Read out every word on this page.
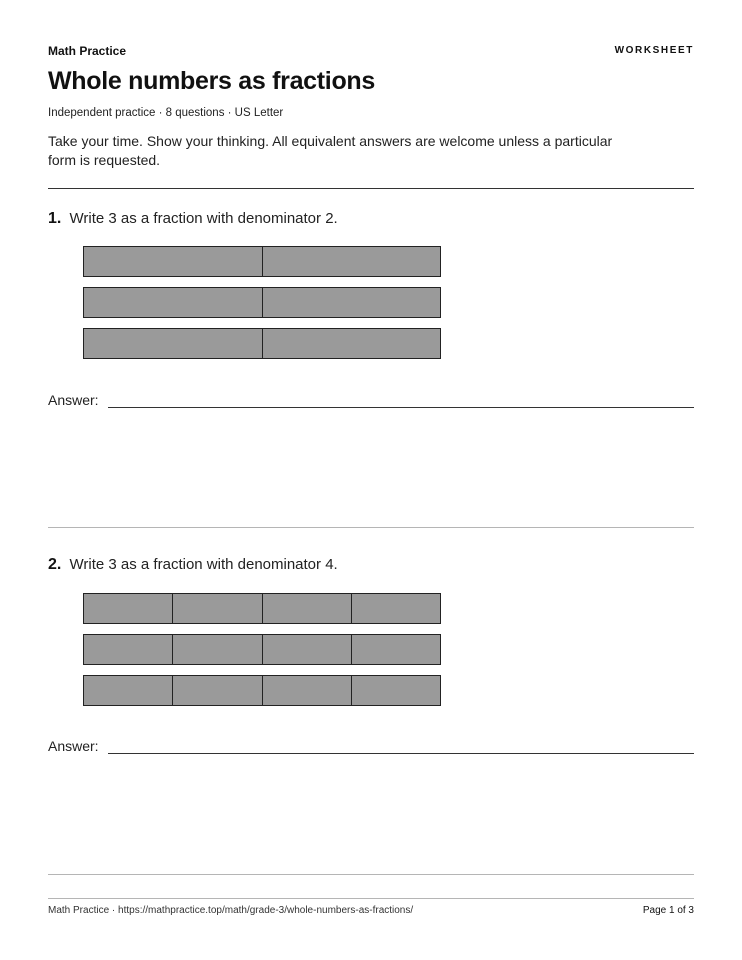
Math Practice	WORKSHEET
Whole numbers as fractions
Independent practice · 8 questions · US Letter
Take your time. Show your thinking. All equivalent answers are welcome unless a particular form is requested.
1. Write 3 as a fraction with denominator 2.
Answer:
2. Write 3 as a fraction with denominator 4.
Answer:
Math Practice · https://mathpractice.top/math/grade-3/whole-numbers-as-fractions/	Page 1 of 3
